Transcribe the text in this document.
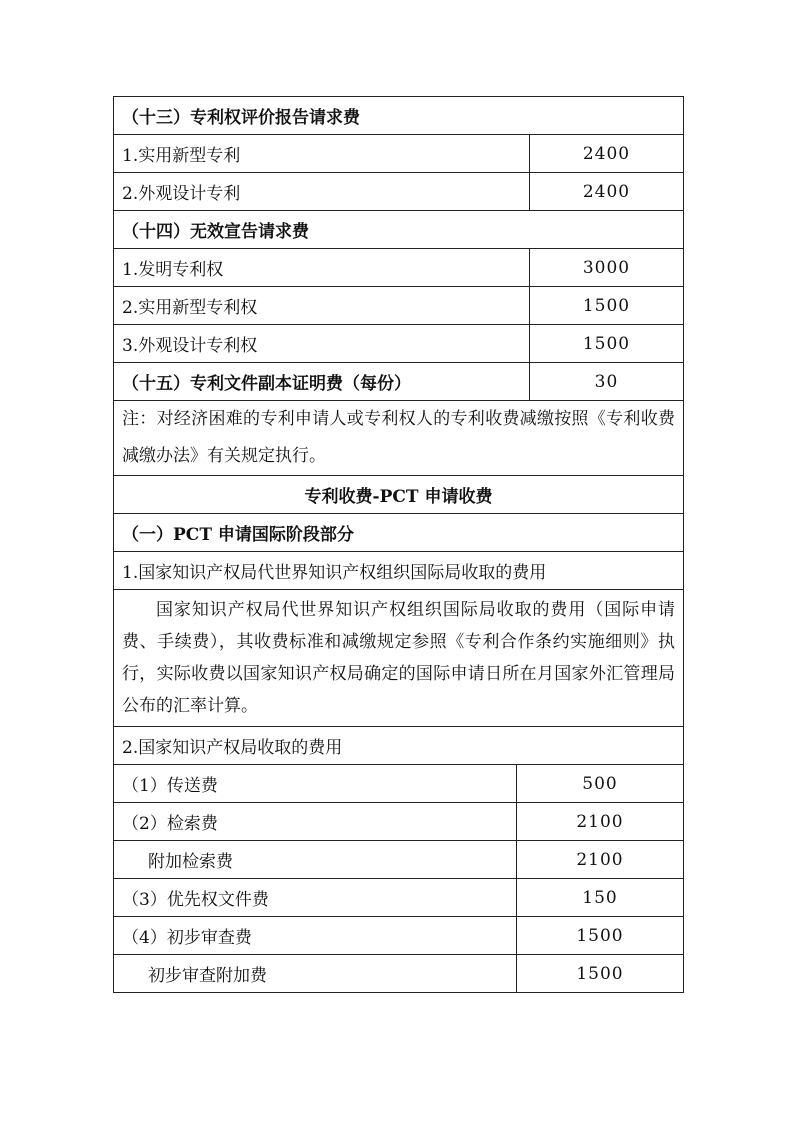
（十三）专利权评价报告请求费		
1.实用新型专利		2400
2.外观设计专利		2400
（十四）无效宣告请求费		
1.发明专利权		3000
2.实用新型专利权		1500
3.外观设计专利权		1500
（十五）专利文件副本证明费（每份）		30
注：对经济困难的专利申请人或专利权人的专利收费减缴按照《专利收费减缴办法》有关规定执行。		
专利收费-PCT 申请收费		
（一）PCT 申请国际阶段部分		
1.国家知识产权局代世界知识产权组织国际局收取的费用		

国家知识产权局代世界知识产权组织国际局收取的费用（国际申请费、手续费），其收费标准和减缴规定参照《专利合作条约实施细则》执行，实际收费以国家知识产权局确定的国际申请日所在月国家外汇管理局公布的汇率计算。		

2.国家知识产权局收取的费用		
（1）传送费	500	
（2）检索费	2100	
附加检索费	2100	
（3）优先权文件费	150	
（4）初步审查费	1500	
初步审查附加费	1500	
